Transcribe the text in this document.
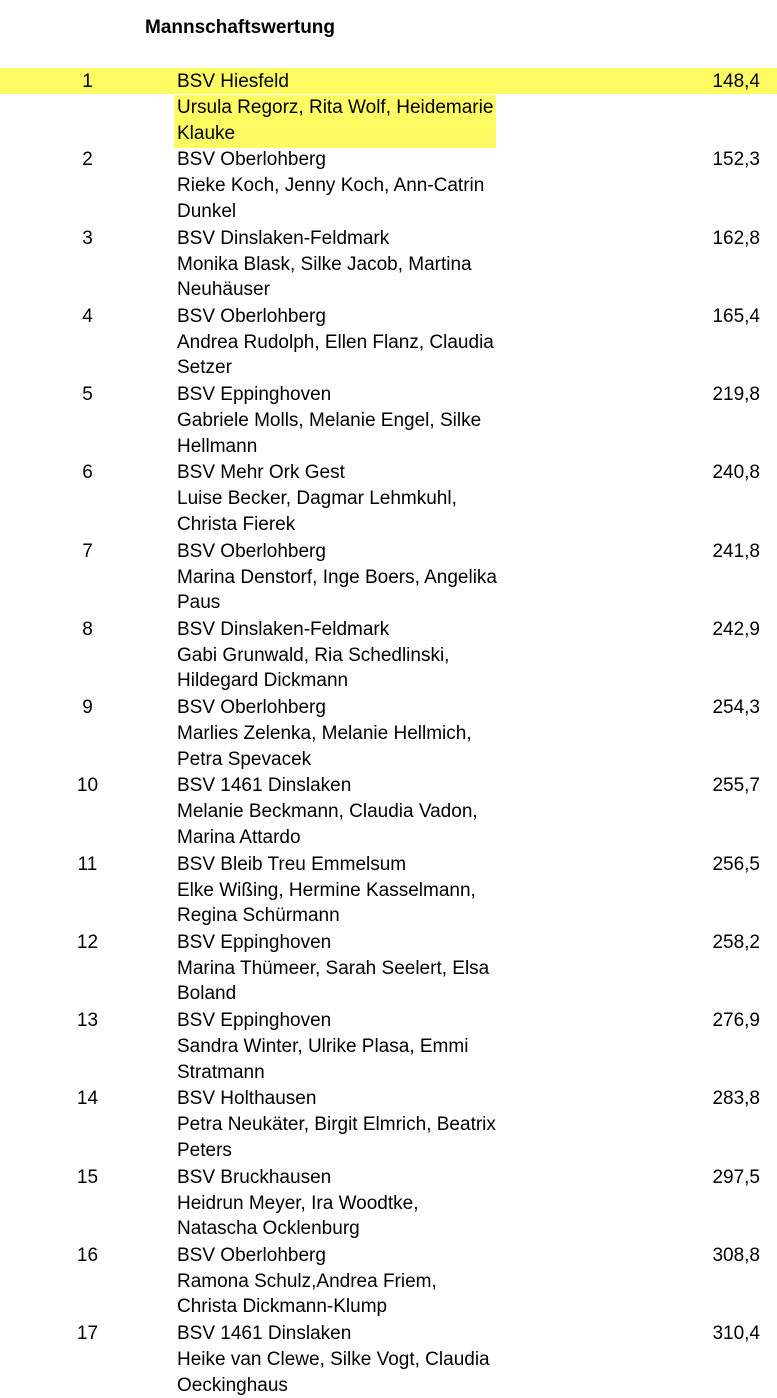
Mannschaftswertung
1	BSV Hiesfeld	148,4
Ursula Regorz, Rita Wolf, Heidemarie Klauke
2	BSV Oberlohberg	152,3
Rieke Koch, Jenny Koch, Ann-Catrin Dunkel
3	BSV Dinslaken-Feldmark	162,8
Monika Blask, Silke Jacob, Martina Neuhäuser
4	BSV Oberlohberg	165,4
Andrea Rudolph, Ellen Flanz, Claudia Setzer
5	BSV Eppinghoven	219,8
Gabriele Molls, Melanie Engel, Silke Hellmann
6	BSV Mehr Ork Gest	240,8
Luise Becker, Dagmar Lehmkuhl, Christa Fierek
7	BSV Oberlohberg	241,8
Marina Denstorf, Inge Boers, Angelika Paus
8	BSV Dinslaken-Feldmark	242,9
Gabi Grunwald, Ria Schedlinski, Hildegard Dickmann
9	BSV Oberlohberg	254,3
Marlies Zelenka, Melanie Hellmich, Petra Spevacek
10	BSV 1461 Dinslaken	255,7
Melanie Beckmann, Claudia Vadon, Marina Attardo
11	BSV Bleib Treu Emmelsum	256,5
Elke Wißing, Hermine Kasselmann, Regina Schürmann
12	BSV Eppinghoven	258,2
Marina Thümeer, Sarah Seelert, Elsa Boland
13	BSV Eppinghoven	276,9
Sandra Winter, Ulrike Plasa, Emmi Stratmann
14	BSV Holthausen	283,8
Petra Neukäter, Birgit Elmrich, Beatrix Peters
15	BSV Bruckhausen	297,5
Heidrun Meyer, Ira Woodtke, Natascha Ocklenburg
16	BSV Oberlohberg	308,8
Ramona Schulz,Andrea Friem, Christa Dickmann-Klump
17	BSV 1461 Dinslaken	310,4
Heike van Clewe, Silke Vogt, Claudia Oeckinghaus
